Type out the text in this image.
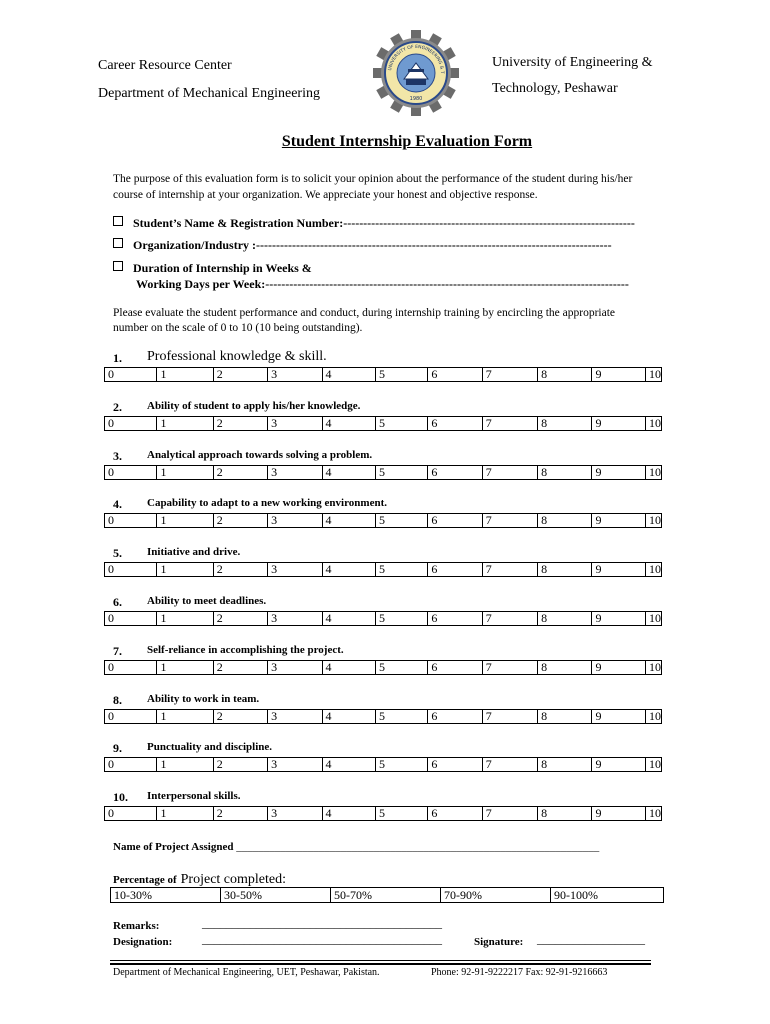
Career Resource Center
Department of Mechanical Engineering
University of Engineering &
Technology, Peshawar
1980
UNIVERSITY OF ENGINEERING & T
Student Internship Evaluation Form
The purpose of this evaluation form is to solicit your opinion about the performance of the student during his/her
course of internship at your organization. We appreciate your honest and objective response.
Student’s Name & Registration Number:-------------------------------------------------------------------------
Organization/Industry :-----------------------------------------------------------------------------------------
Duration of Internship in Weeks &
Working Days per Week:-------------------------------------------------------------------------------------------
Please evaluate the student performance and conduct, during internship training by encircling the appropriate
number on the scale of 0 to 10 (10 being outstanding).
1. Professional knowledge & skill.
0	1	2	3	4	5	6	7	8	9	10
2. Ability of student to apply his/her knowledge.
0	1	2	3	4	5	6	7	8	9	10
3. Analytical approach towards solving a problem.
0	1	2	3	4	5	6	7	8	9	10
4. Capability to adapt to a new working environment.
0	1	2	3	4	5	6	7	8	9	10
5. Initiative and drive.
0	1	2	3	4	5	6	7	8	9	10
6. Ability to meet deadlines.
0	1	2	3	4	5	6	7	8	9	10
7. Self-reliance in accomplishing the project.
0	1	2	3	4	5	6	7	8	9	10
8. Ability to work in team.
0	1	2	3	4	5	6	7	8	9	10
9. Punctuality and discipline.
0	1	2	3	4	5	6	7	8	9	10
10. Interpersonal skills.
0	1	2	3	4	5	6	7	8	9	10
Name of Project Assigned __________________________________________________________________
Percentage of Project completed:
10-30%	30-50%	50-70%	70-90%	90-100%
Remarks:	________________________________________
Designation: ________________________________________	Signature: __________________
Department of Mechanical Engineering, UET, Peshawar, Pakistan.	Phone: 92-91-9222217 Fax: 92-91-9216663
